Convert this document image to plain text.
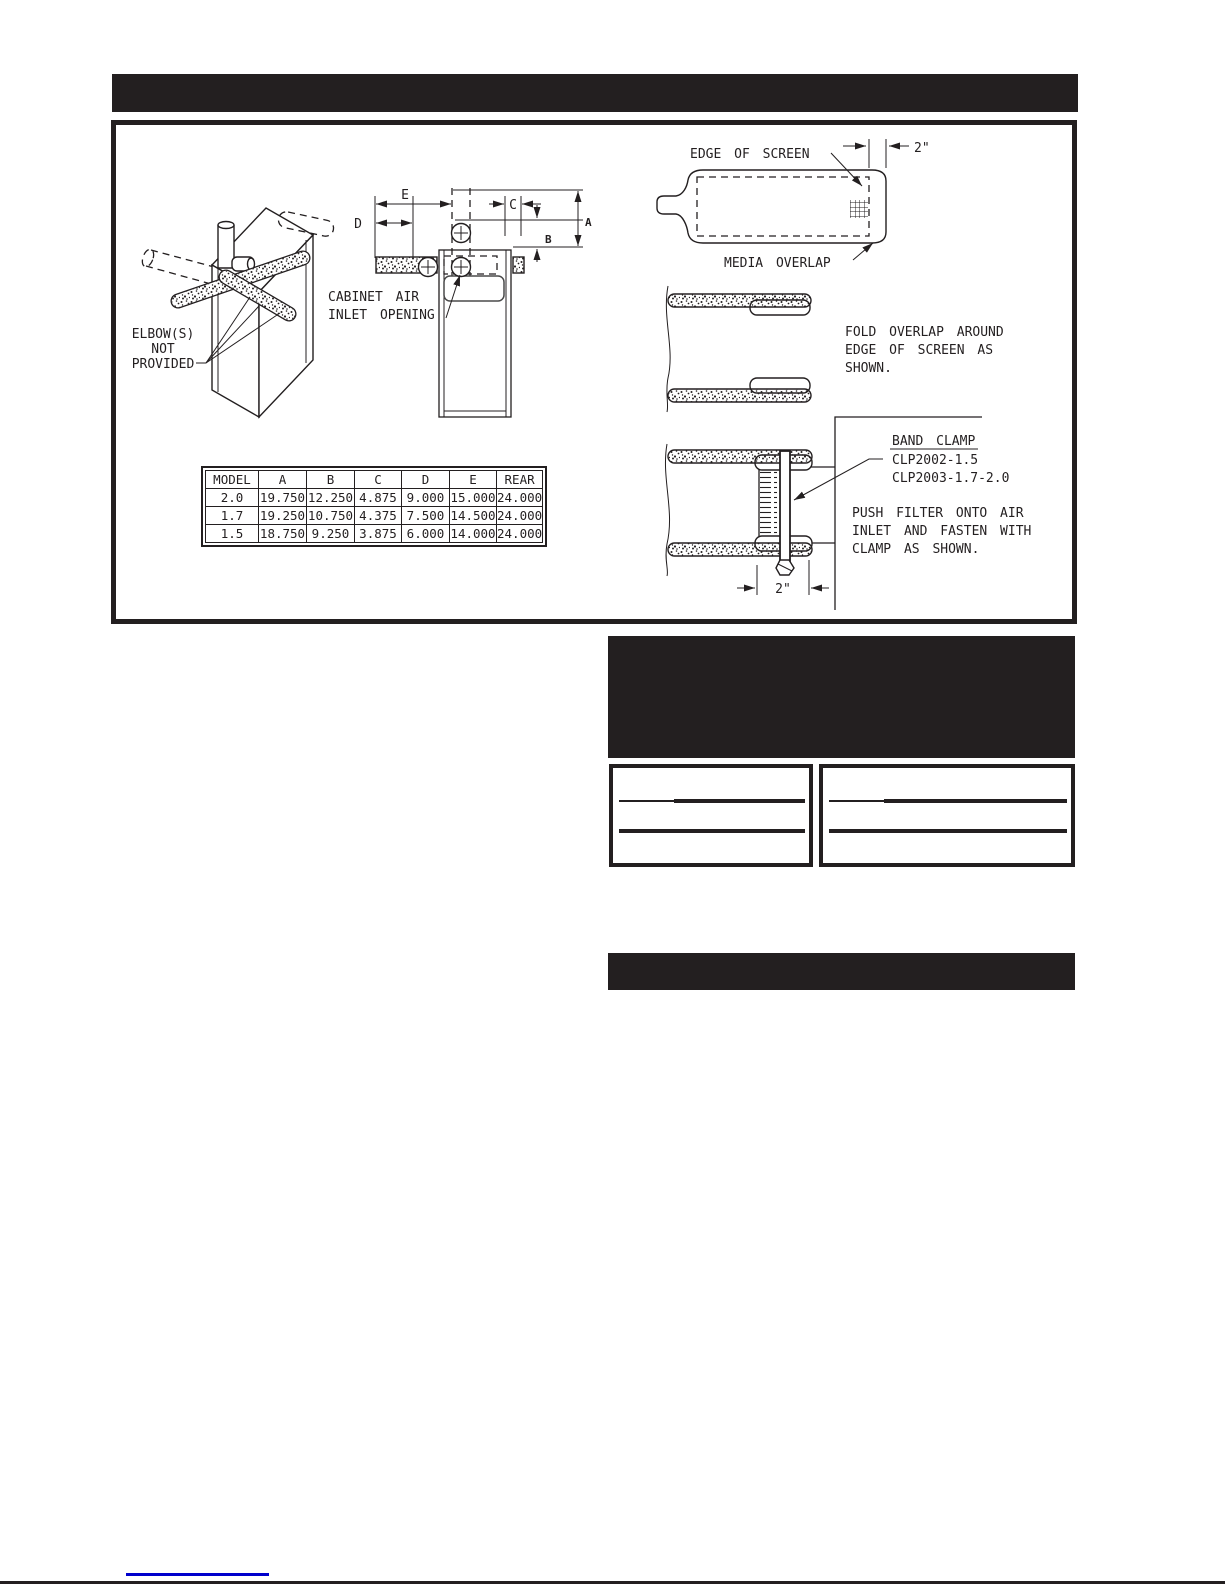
ELBOW(S)
NOT
PROVIDED
E
D
C
A
B
CABINET AIR
INLET OPENING
2"
EDGE OF SCREEN
MEDIA OVERLAP
FOLD OVERLAP AROUND
EDGE OF SCREEN AS
SHOWN.
2"
BAND CLAMP
CLP2002-1.5
CLP2003-1.7-2.0
PUSH FILTER ONTO AIR
INLET AND FASTEN WITH
CLAMP AS SHOWN.
MODEL	A	B	C	D	E	REAR
2.0	19.750	12.250	4.875	9.000	15.000	24.000
1.7	19.250	10.750	4.375	7.500	14.500	24.000
1.5	18.750	9.250	3.875	6.000	14.000	24.000
